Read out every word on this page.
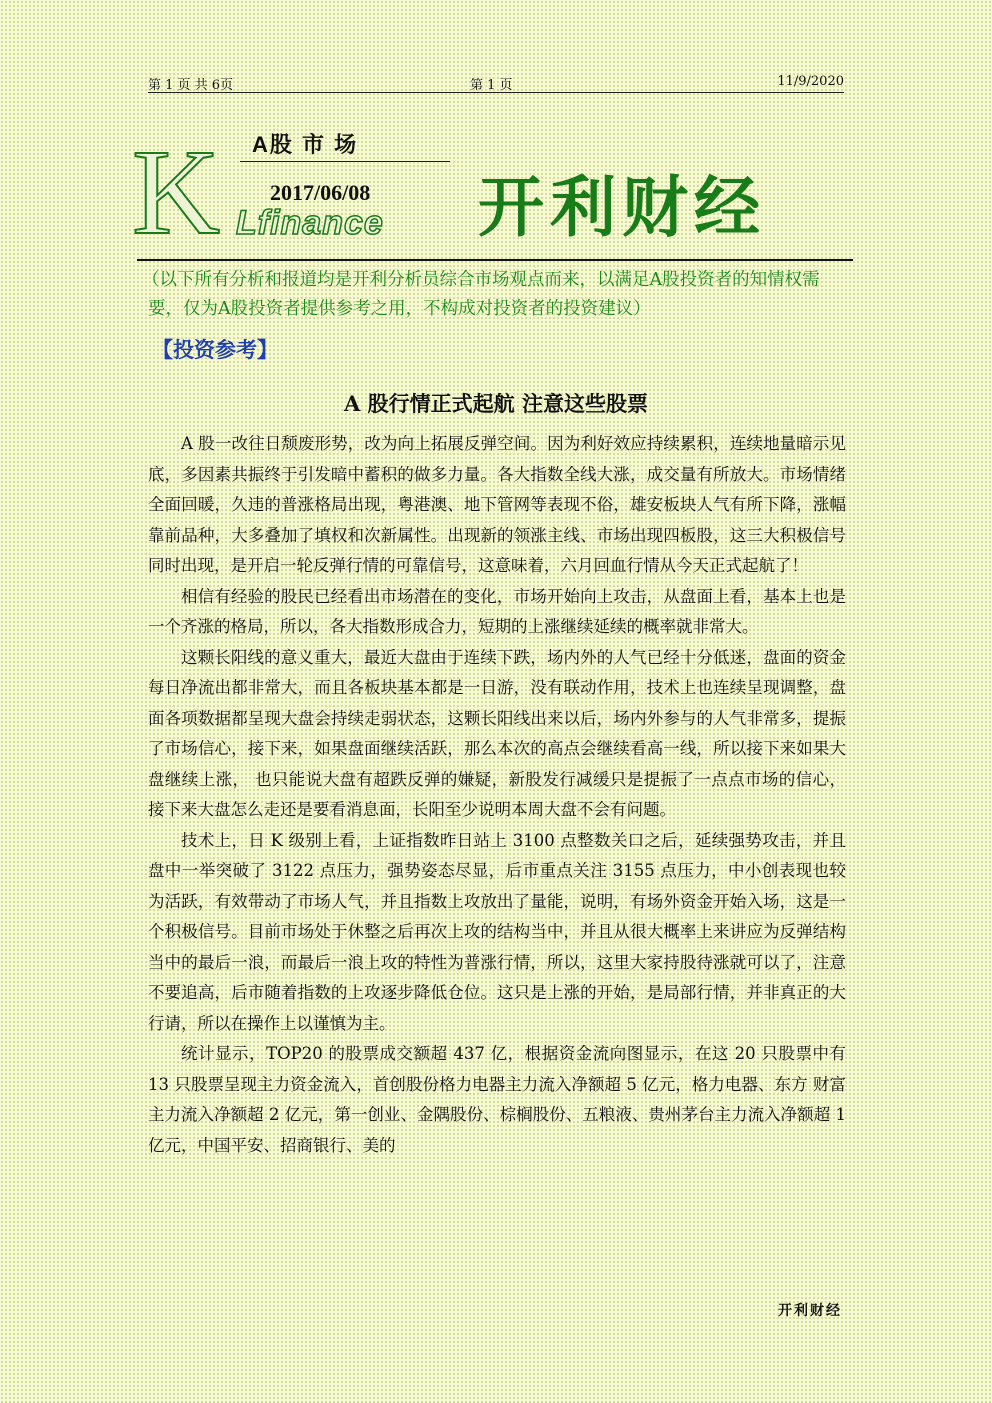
第 1 页 共 6页	第 1 页	11/9/2020
K A股 市 场
2017/06/08
Lfinance 开利财经
（以下所有分析和报道均是开利分析员综合市场观点而来，以满足A股投资者的知情权需要，仅为A股投资者提供参考之用，不构成对投资者的投资建议）
【投资参考】
A 股行情正式起航 注意这些股票

A 股一改往日颓废形势，改为向上拓展反弹空间。因为利好效应持续累积，连续地量暗示见底，多因素共振终于引发暗中蓄积的做多力量。各大指数全线大涨，成交量有所放大。市场情绪全面回暖，久违的普涨格局出现，粤港澳、地下管网等表现不俗，雄安板块人气有所下降，涨幅靠前品种，大多叠加了填权和次新属性。出现新的领涨主线、市场出现四板股，这三大积极信号同时出现，是开启一轮反弹行情的可靠信号，这意味着，六月回血行情从今天正式起航了！

相信有经验的股民已经看出市场潜在的变化，市场开始向上攻击，从盘面上看，基本上也是一个齐涨的格局，所以，各大指数形成合力，短期的上涨继续延续的概率就非常大。

这颗长阳线的意义重大，最近大盘由于连续下跌，场内外的人气已经十分低迷，盘面的资金每日净流出都非常大，而且各板块基本都是一日游，没有联动作用，技术上也连续呈现调整，盘面各项数据都呈现大盘会持续走弱状态，这颗长阳线出来以后，场内外参与的人气非常多，提振了市场信心，接下来，如果盘面继续活跃，那么本次的高点会继续看高一线，所以接下来如果大盘继续上涨， 也只能说大盘有超跌反弹的嫌疑，新股发行减缓只是提振了一点点市场的信心，接下来大盘怎么走还是要看消息面，长阳至少说明本周大盘不会有问题。

技术上，日 K 级别上看，上证指数昨日站上 3100 点整数关口之后，延续强势攻击，并且盘中一举突破了 3122 点压力，强势姿态尽显，后市重点关注 3155 点压力，中小创表现也较为活跃，有效带动了市场人气，并且指数上攻放出了量能，说明，有场外资金开始入场，这是一个积极信号。目前市场处于休整之后再次上攻的结构当中，并且从很大概率上来讲应为反弹结构当中的最后一浪，而最后一浪上攻的特性为普涨行情，所以，这里大家持股待涨就可以了，注意不要追高，后市随着指数的上攻逐步降低仓位。这只是上涨的开始，是局部行情，并非真正的大行请，所以在操作上以谨慎为主。

统计显示，TOP20 的股票成交额超 437 亿，根据资金流向图显示，在这 20 只股票中有 13 只股票呈现主力资金流入，首创股份格力电器主力流入净额超 5 亿元，格力电器、东方 财富主力流入净额超 2 亿元，第一创业、金隅股份、棕榈股份、五粮液、贵州茅台主力流入净额超 1 亿元，中国平安、招商银行、美的

开利财经
